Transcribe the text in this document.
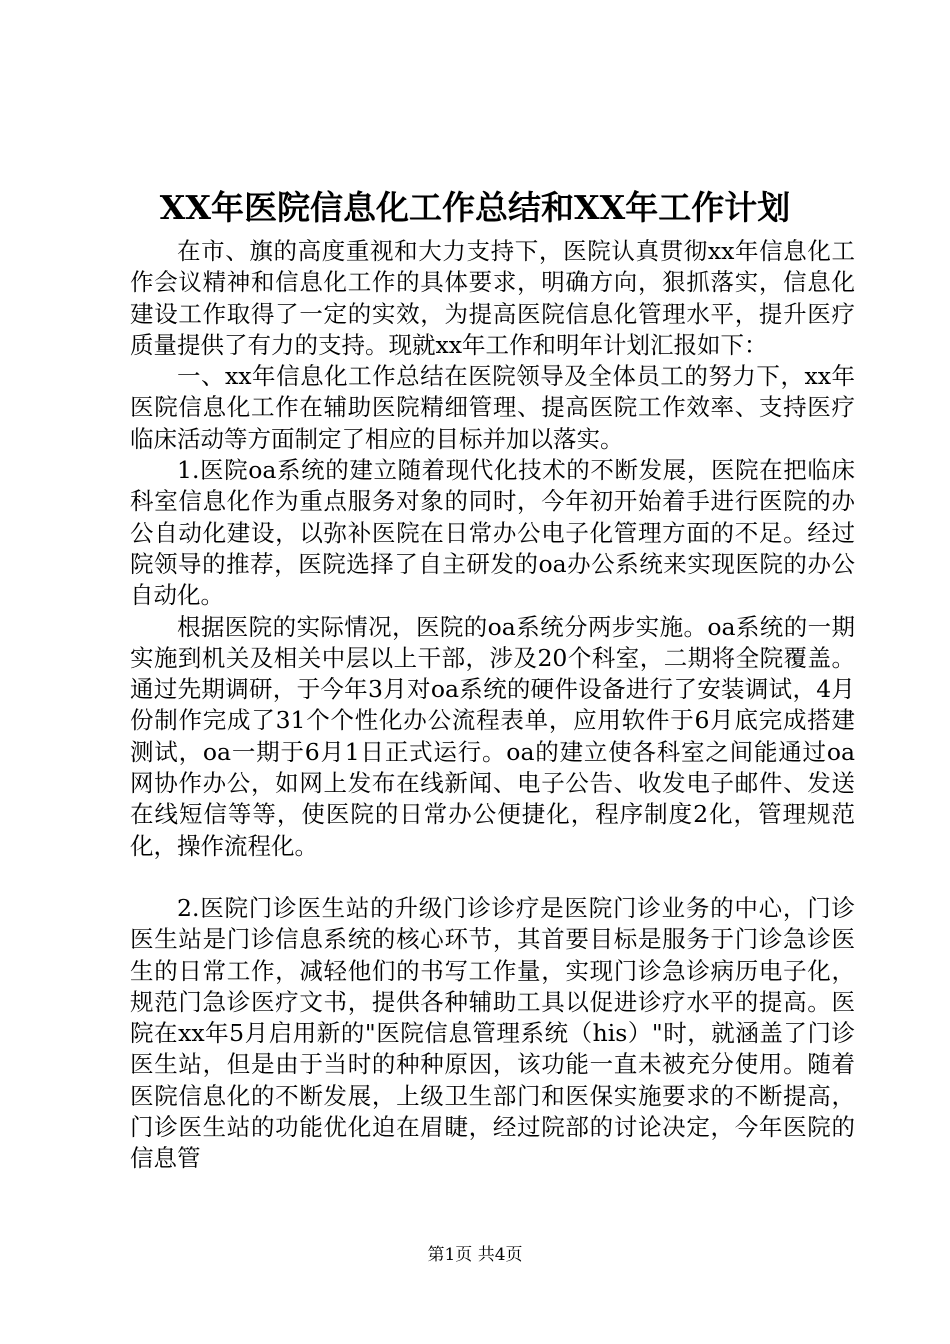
XX年医院信息化工作总结和XX年工作计划

在市、旗的高度重视和大力支持下，医院认真贯彻xx年信息化工作会议精神和信息化工作的具体要求，明确方向，狠抓落实，信息化建设工作取得了一定的实效，为提高医院信息化管理水平，提升医疗质量提供了有力的支持。现就xx年工作和明年计划汇报如下：

一、xx年信息化工作总结在医院领导及全体员工的努力下，xx年医院信息化工作在辅助医院精细管理、提高医院工作效率、支持医疗临床活动等方面制定了相应的目标并加以落实。

1.医院oa系统的建立随着现代化技术的不断发展，医院在把临床科室信息化作为重点服务对象的同时，今年初开始着手进行医院的办公自动化建设，以弥补医院在日常办公电子化管理方面的不足。经过院领导的推荐，医院选择了自主研发的oa办公系统来实现医院的办公自动化。

根据医院的实际情况，医院的oa系统分两步实施。oa系统的一期实施到机关及相关中层以上干部，涉及20个科室，二期将全院覆盖。通过先期调研，于今年3月对oa系统的硬件设备进行了安装调试，4月份制作完成了31个个性化办公流程表单，应用软件于6月底完成搭建测试，oa一期于6月1日正式运行。oa的建立使各科室之间能通过oa网协作办公，如网上发布在线新闻、电子公告、收发电子邮件、发送在线短信等等，使医院的日常办公便捷化，程序制度2化，管理规范化，操作流程化。

2.医院门诊医生站的升级门诊诊疗是医院门诊业务的中心，门诊医生站是门诊信息系统的核心环节，其首要目标是服务于门诊急诊医生的日常工作，减轻他们的书写工作量，实现门诊急诊病历电子化，规范门急诊医疗文书，提供各种辅助工具以促进诊疗水平的提高。医院在xx年5月启用新的"医院信息管理系统（his）"时，就涵盖了门诊医生站，但是由于当时的种种原因，该功能一直未被充分使用。随着医院信息化的不断发展，上级卫生部门和医保实施要求的不断提高，门诊医生站的功能优化迫在眉睫，经过院部的讨论决定，今年医院的信息管

第1页 共4页
